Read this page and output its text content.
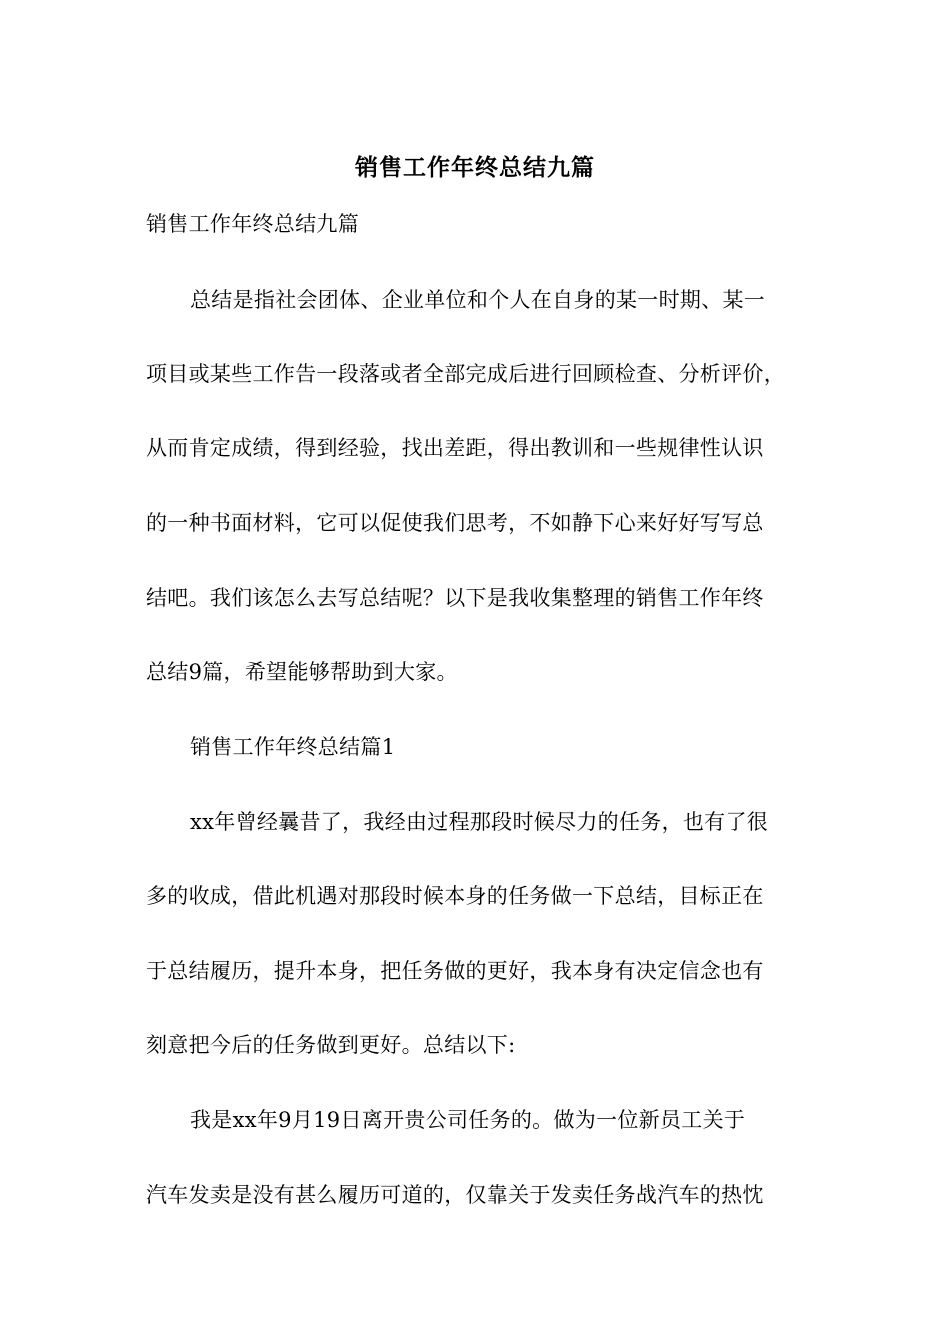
销售工作年终总结九篇
销售工作年终总结九篇
总结是指社会团体、企业单位和个人在自身的某一时期、某一
项目或某些工作告一段落或者全部完成后进行回顾检查、分析评价，
从而肯定成绩，得到经验，找出差距，得出教训和一些规律性认识
的一种书面材料，它可以促使我们思考，不如静下心来好好写写总
结吧。我们该怎么去写总结呢？以下是我收集整理的销售工作年终
总结9篇，希望能够帮助到大家。
销售工作年终总结篇1
xx年曾经曩昔了，我经由过程那段时候尽力的任务，也有了很
多的收成，借此机遇对那段时候本身的任务做一下总结，目标正在
于总结履历，提升本身，把任务做的更好，我本身有决定信念也有
刻意把今后的任务做到更好。总结以下:
我是xx年9月19日离开贵公司任务的。做为一位新员工关于
汽车发卖是没有甚么履历可道的，仅靠关于发卖任务战汽车的热忱
